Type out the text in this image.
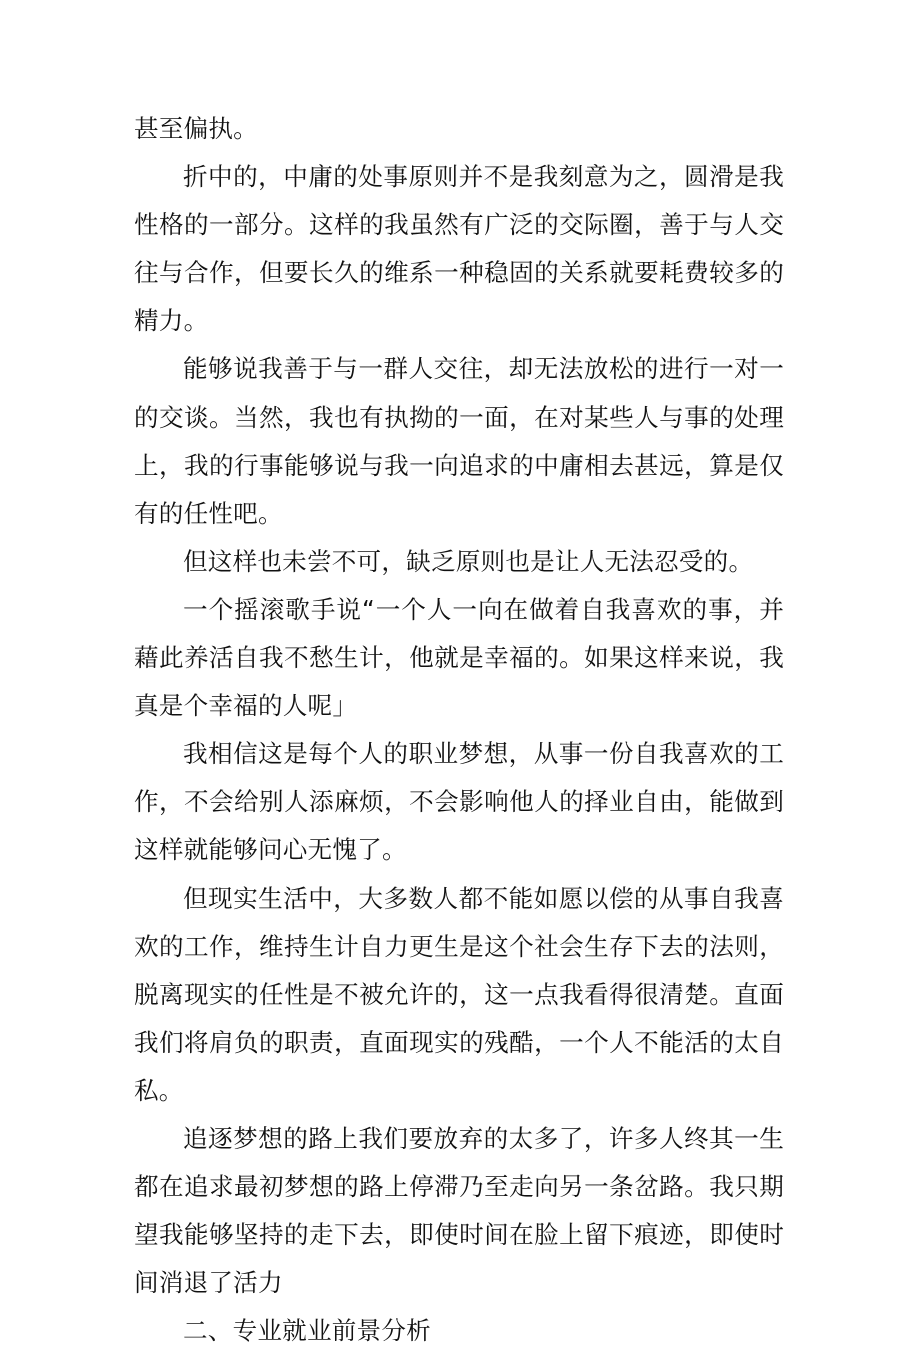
甚至偏执。

折中的，中庸的处事原则并不是我刻意为之，圆滑是我性格的一部分。这样的我虽然有广泛的交际圈，善于与人交往与合作，但要长久的维系一种稳固的关系就要耗费较多的精力。

能够说我善于与一群人交往，却无法放松的进行一对一的交谈。当然，我也有执拗的一面，在对某些人与事的处理上，我的行事能够说与我一向追求的中庸相去甚远，算是仅有的任性吧。

但这样也未尝不可，缺乏原则也是让人无法忍受的。

一个摇滚歌手说“一个人一向在做着自我喜欢的事，并藉此养活自我不愁生计，他就是幸福的。如果这样来说，我真是个幸福的人呢」

我相信这是每个人的职业梦想，从事一份自我喜欢的工作，不会给别人添麻烦，不会影响他人的择业自由，能做到这样就能够问心无愧了。

但现实生活中，大多数人都不能如愿以偿的从事自我喜欢的工作，维持生计自力更生是这个社会生存下去的法则，脱离现实的任性是不被允许的，这一点我看得很清楚。直面我们将肩负的职责，直面现实的残酷，一个人不能活的太自私。

追逐梦想的路上我们要放弃的太多了，许多人终其一生都在追求最初梦想的路上停滞乃至走向另一条岔路。我只期望我能够坚持的走下去，即使时间在脸上留下痕迹，即使时间消退了活力

二、专业就业前景分析
